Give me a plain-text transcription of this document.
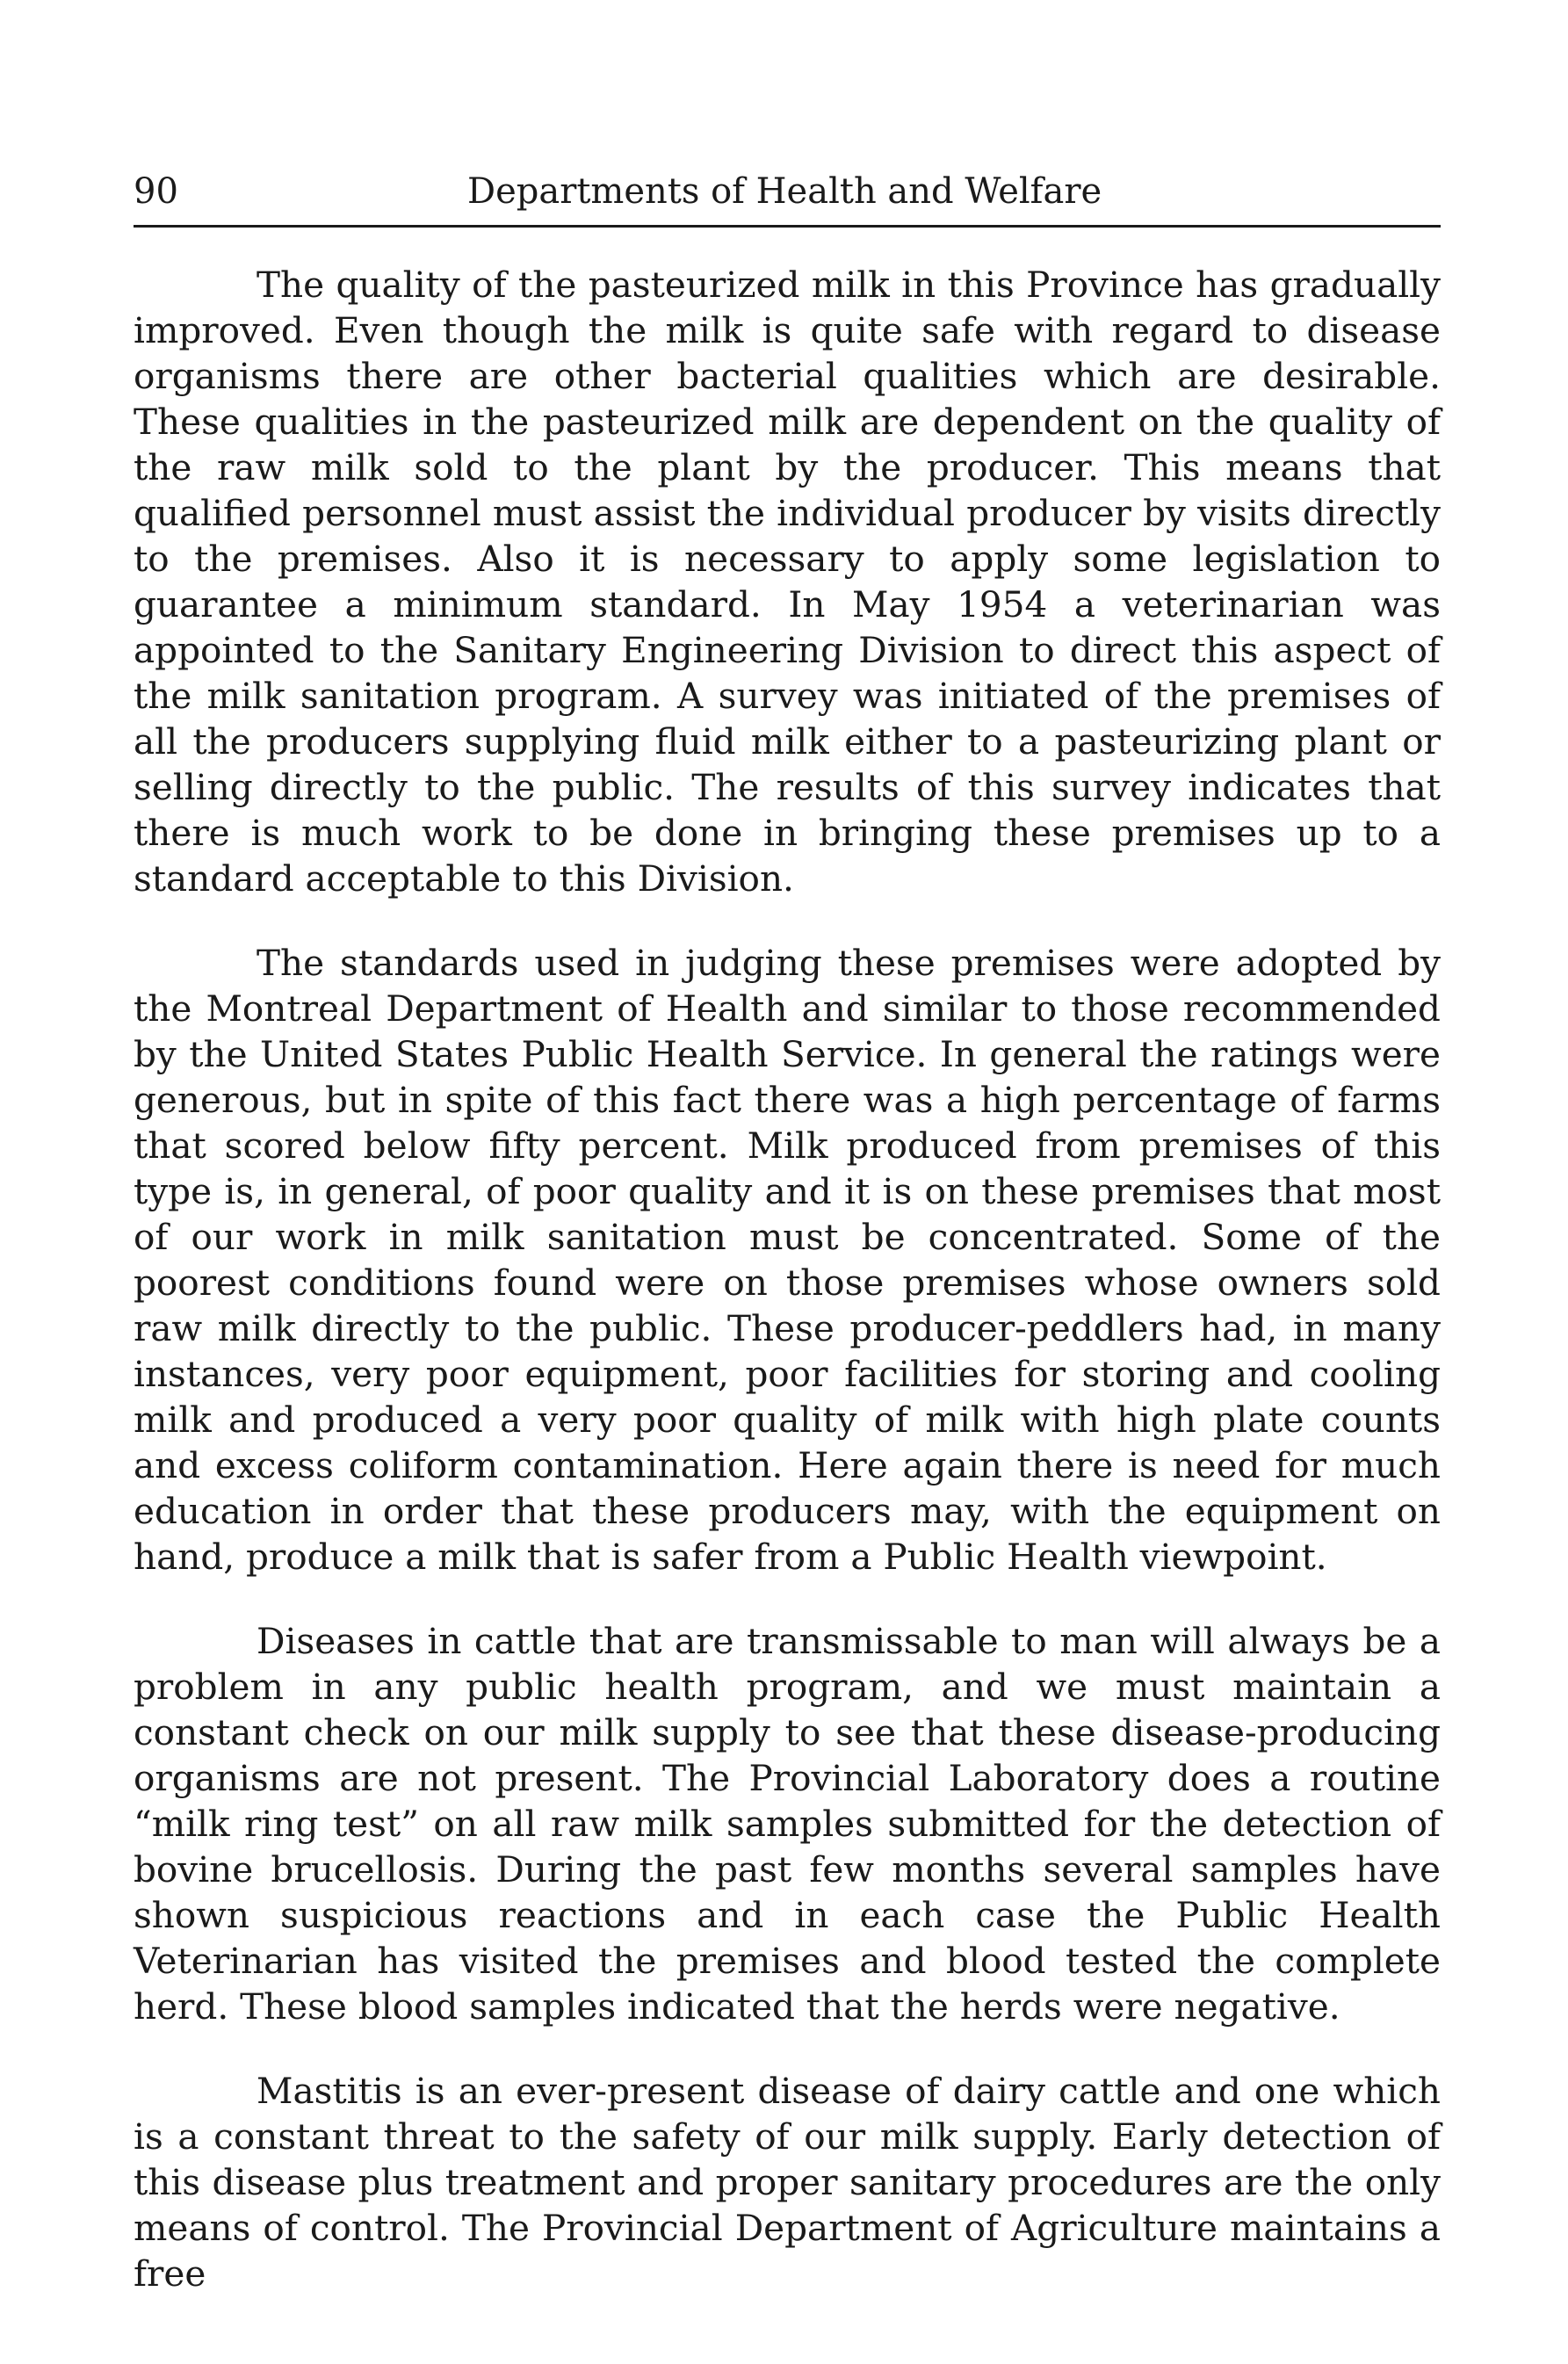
90	Departments of Health and Welfare

The quality of the pasteurized milk in this Province has gradually improved. Even though the milk is quite safe with regard to disease organisms there are other bacterial qualities which are desirable. These qualities in the pasteurized milk are dependent on the quality of the raw milk sold to the plant by the producer. This means that qualified personnel must assist the individual producer by visits directly to the premises. Also it is necessary to apply some legislation to guarantee a minimum standard. In May 1954 a veterinarian was appointed to the Sanitary Engineering Division to direct this aspect of the milk sanitation program. A survey was initiated of the premises of all the producers supplying fluid milk either to a pasteurizing plant or selling directly to the public. The results of this survey indicates that there is much work to be done in bringing these premises up to a standard acceptable to this Division.

The standards used in judging these premises were adopted by the Montreal Department of Health and similar to those recommended by the United States Public Health Service. In general the ratings were generous, but in spite of this fact there was a high percentage of farms that scored below fifty percent. Milk produced from premises of this type is, in general, of poor quality and it is on these premises that most of our work in milk sanitation must be concentrated. Some of the poorest conditions found were on those premises whose owners sold raw milk directly to the public. These producer-peddlers had, in many instances, very poor equipment, poor facilities for storing and cooling milk and produced a very poor quality of milk with high plate counts and excess coliform contamination. Here again there is need for much education in order that these producers may, with the equipment on hand, produce a milk that is safer from a Public Health viewpoint.

Diseases in cattle that are transmissable to man will always be a problem in any public health program, and we must maintain a constant check on our milk supply to see that these disease-producing organisms are not present. The Provincial Laboratory does a routine “milk ring test” on all raw milk samples submitted for the detection of bovine brucellosis. During the past few months several samples have shown suspicious reactions and in each case the Public Health Veterinarian has visited the premises and blood tested the complete herd. These blood samples indicated that the herds were negative.

Mastitis is an ever-present disease of dairy cattle and one which is a constant threat to the safety of our milk supply. Early detection of this disease plus treatment and proper sanitary procedures are the only means of control. The Provincial Department of Agriculture maintains a free
